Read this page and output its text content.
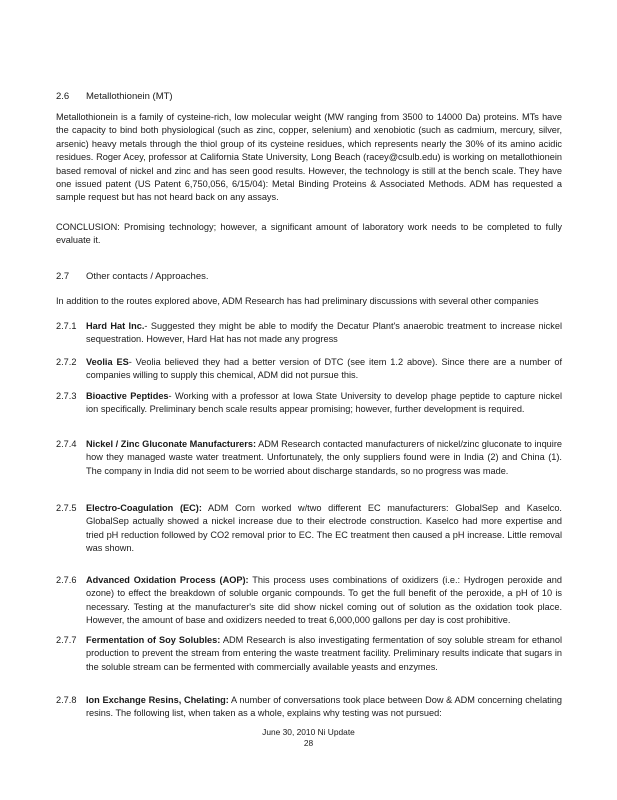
2.6 Metallothionein (MT)
Metallothionein is a family of cysteine-rich, low molecular weight (MW ranging from 3500 to 14000 Da) proteins. MTs have the capacity to bind both physiological (such as zinc, copper, selenium) and xenobiotic (such as cadmium, mercury, silver, arsenic) heavy metals through the thiol group of its cysteine residues, which represents nearly the 30% of its amino acidic residues. Roger Acey, professor at California State University, Long Beach (racey@csulb.edu) is working on metallothionein based removal of nickel and zinc and has seen good results. However, the technology is still at the bench scale. They have one issued patent (US Patent 6,750,056, 6/15/04): Metal Binding Proteins & Associated Methods. ADM has requested a sample request but has not heard back on any assays.
CONCLUSION: Promising technology; however, a significant amount of laboratory work needs to be completed to fully evaluate it.
2.7 Other contacts / Approaches.
In addition to the routes explored above, ADM Research has had preliminary discussions with several other companies
2.7.1	Hard Hat Inc.- Suggested they might be able to modify the Decatur Plant's anaerobic treatment to increase nickel sequestration. However, Hard Hat has not made any progress
2.7.2	Veolia ES- Veolia believed they had a better version of DTC (see item 1.2 above). Since there are a number of companies willing to supply this chemical, ADM did not pursue this.
2.7.3	Bioactive Peptides- Working with a professor at Iowa State University to develop phage peptide to capture nickel ion specifically. Preliminary bench scale results appear promising; however, further development is required.
2.7.4	Nickel / Zinc Gluconate Manufacturers: ADM Research contacted manufacturers of nickel/zinc gluconate to inquire how they managed waste water treatment. Unfortunately, the only suppliers found were in India (2) and China (1). The company in India did not seem to be worried about discharge standards, so no progress was made.
2.7.5	Electro-Coagulation (EC): ADM Corn worked w/two different EC manufacturers: GlobalSep and Kaselco. GlobalSep actually showed a nickel increase due to their electrode construction. Kaselco had more expertise and tried pH reduction followed by CO2 removal prior to EC. The EC treatment then caused a pH increase. Little removal was shown.
2.7.6	Advanced Oxidation Process (AOP): This process uses combinations of oxidizers (i.e.: Hydrogen peroxide and ozone) to effect the breakdown of soluble organic compounds. To get the full benefit of the peroxide, a pH of 10 is necessary. Testing at the manufacturer's site did show nickel coming out of solution as the oxidation took place. However, the amount of base and oxidizers needed to treat 6,000,000 gallons per day is cost prohibitive.
2.7.7	Fermentation of Soy Solubles: ADM Research is also investigating fermentation of soy soluble stream for ethanol production to prevent the stream from entering the waste treatment facility. Preliminary results indicate that sugars in the soluble stream can be fermented with commercially available yeasts and enzymes.
2.7.8	Ion Exchange Resins, Chelating: A number of conversations took place between Dow & ADM concerning chelating resins. The following list, when taken as a whole, explains why testing was not pursued:
June 30, 2010 Ni Update
28
